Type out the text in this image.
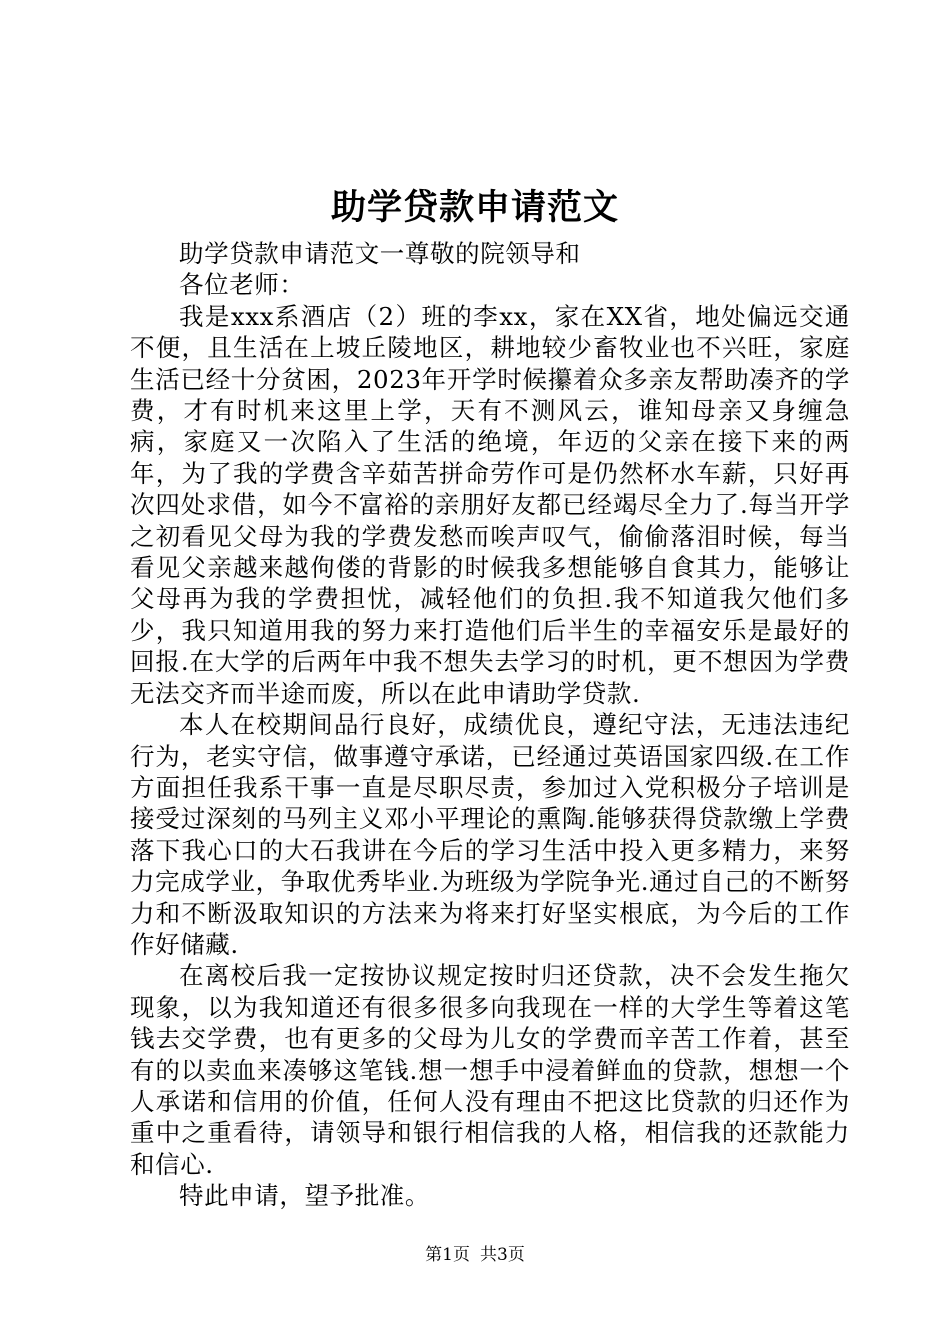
助学贷款申请范文

助学贷款申请范文一尊敬的院领导和

各位老师：

我是xxx系酒店（2）班的李xx，家在XX省，地处偏远交通不便，且生活在上坡丘陵地区，耕地较少畜牧业也不兴旺，家庭生活已经十分贫困，2023年开学时候攥着众多亲友帮助凑齐的学费，才有时机来这里上学，天有不测风云，谁知母亲又身缠急病，家庭又一次陷入了生活的绝境，年迈的父亲在接下来的两年，为了我的学费含辛茹苦拼命劳作可是仍然杯水车薪，只好再次四处求借，如今不富裕的亲朋好友都已经竭尽全力了.每当开学之初看见父母为我的学费发愁而唉声叹气，偷偷落泪时候，每当看见父亲越来越佝偻的背影的时候我多想能够自食其力，能够让父母再为我的学费担忧，减轻他们的负担.我不知道我欠他们多少，我只知道用我的努力来打造他们后半生的幸福安乐是最好的回报.在大学的后两年中我不想失去学习的时机，更不想因为学费无法交齐而半途而废，所以在此申请助学贷款.

本人在校期间品行良好，成绩优良，遵纪守法，无违法违纪行为，老实守信，做事遵守承诺，已经通过英语国家四级.在工作方面担任我系干事一直是尽职尽责，参加过入党积极分子培训是接受过深刻的马列主义邓小平理论的熏陶.能够获得贷款缴上学费落下我心口的大石我讲在今后的学习生活中投入更多精力，来努力完成学业，争取优秀毕业.为班级为学院争光.通过自己的不断努力和不断汲取知识的方法来为将来打好坚实根底，为今后的工作作好储藏.

在离校后我一定按协议规定按时归还贷款，决不会发生拖欠现象，以为我知道还有很多很多向我现在一样的大学生等着这笔钱去交学费，也有更多的父母为儿女的学费而辛苦工作着，甚至有的以卖血来凑够这笔钱.想一想手中浸着鲜血的贷款，想想一个人承诺和信用的价值，任何人没有理由不把这比贷款的归还作为重中之重看待，请领导和银行相信我的人格，相信我的还款能力和信心.

特此申请，望予批准。

第1页 共3页
